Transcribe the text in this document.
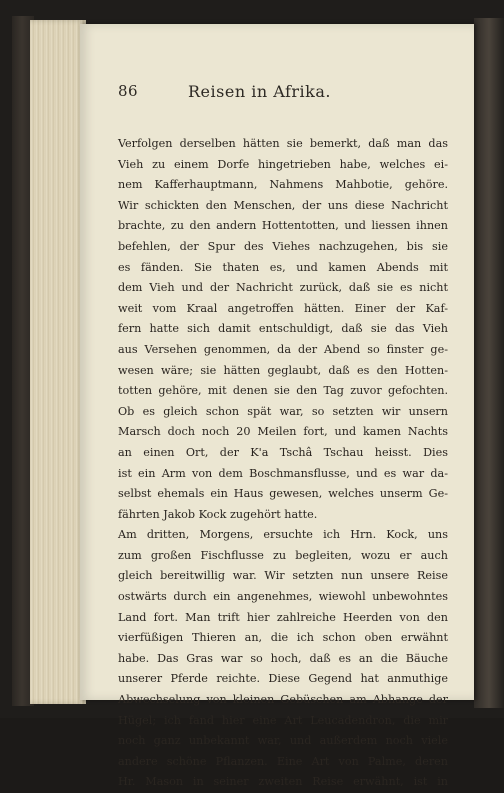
86	Reisen in Afrika.
Verfolgen derselben hätten sie bemerkt, daß man das
Vieh zu einem Dorfe hingetrieben habe, welches ei-
nem Kafferhauptmann, Nahmens Mahbotie, gehöre.
Wir schickten den Menschen, der uns diese Nachricht
brachte, zu den andern Hottentotten, und liessen ihnen
befehlen, der Spur des Viehes nachzugehen, bis sie
es fänden. Sie thaten es, und kamen Abends mit
dem Vieh und der Nachricht zurück, daß sie es nicht
weit vom Kraal angetroffen hätten. Einer der Kaf-
fern hatte sich damit entschuldigt, daß sie das Vieh
aus Versehen genommen, da der Abend so finster ge-
wesen wäre; sie hätten geglaubt, daß es den Hotten-
totten gehöre, mit denen sie den Tag zuvor gefochten.
Ob es gleich schon spät war, so setzten wir unsern
Marsch doch noch 20 Meilen fort, und kamen Nachts
an einen Ort, der K'a Tschâ Tschau heisst. Dies
ist ein Arm von dem Boschmansflusse, und es war da-
selbst ehemals ein Haus gewesen, welches unserm Ge-
fährten Jakob Kock zugehört hatte.
Am dritten, Morgens, ersuchte ich Hrn. Kock, uns
zum großen Fischflusse zu begleiten, wozu er auch
gleich bereitwillig war. Wir setzten nun unsere Reise
ostwärts durch ein angenehmes, wiewohl unbewohntes
Land fort. Man trift hier zahlreiche Heerden von den
vierfüßigen Thieren an, die ich schon oben erwähnt
habe. Das Gras war so hoch, daß es an die Bäuche
unserer Pferde reichte. Diese Gegend hat anmuthige
Abwechselung von kleinen Gebüschen am Abhange der
Hügel; ich fand hier eine Art Leucadendron, die mir
noch ganz unbekannt war, und außerdem noch viele
andere schöne Pflanzen. Eine Art von Palme, deren
Hr. Mason in seiner zweiten Reise erwähnt, ist in
